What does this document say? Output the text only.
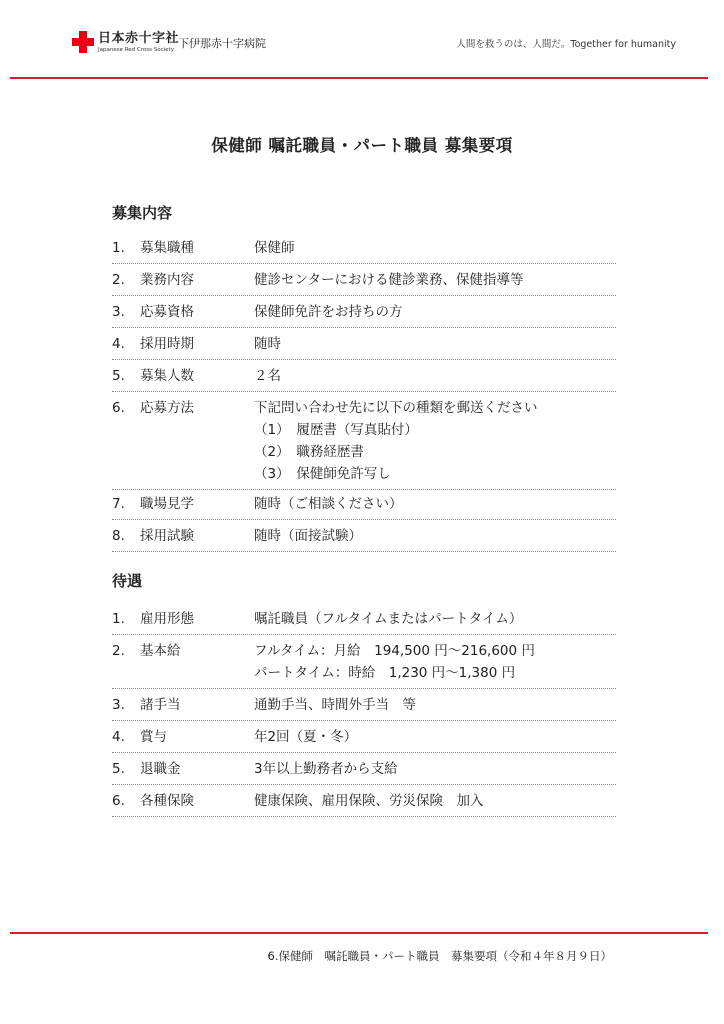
日本赤十字社
Japanese Red Cross Society 下伊那赤十字病院	人間を救うのは、人間だ。Together for humanity
保健師 嘱託職員・パート職員 募集要項
募集内容
1.	募集職種	保健師
2.	業務内容	健診センターにおける健診業務、保健指導等
3.	応募資格	保健師免許をお持ちの方
4.	採用時期	随時
5.	募集人数	２名
6.	応募方法	下記問い合わせ先に以下の種類を郵送ください
（1）　履歴書（写真貼付）
（2）　職務経歴書
（3）　保健師免許写し
7.	職場見学	随時（ご相談ください）
8.	採用試験	随時（面接試験）
待遇
1.	雇用形態	嘱託職員（フルタイムまたはパートタイム）
2.	基本給	フルタイム：月給　194,500 円～216,600 円
パートタイム：時給　1,230 円～1,380 円
3.	諸手当	通勤手当、時間外手当　等
4.	賞与	年2回（夏・冬）
5.	退職金	3年以上勤務者から支給
6.	各種保険	健康保険、雇用保険、労災保険　加入
6.保健師　嘱託職員・パート職員　募集要項（令和４年８月９日）
